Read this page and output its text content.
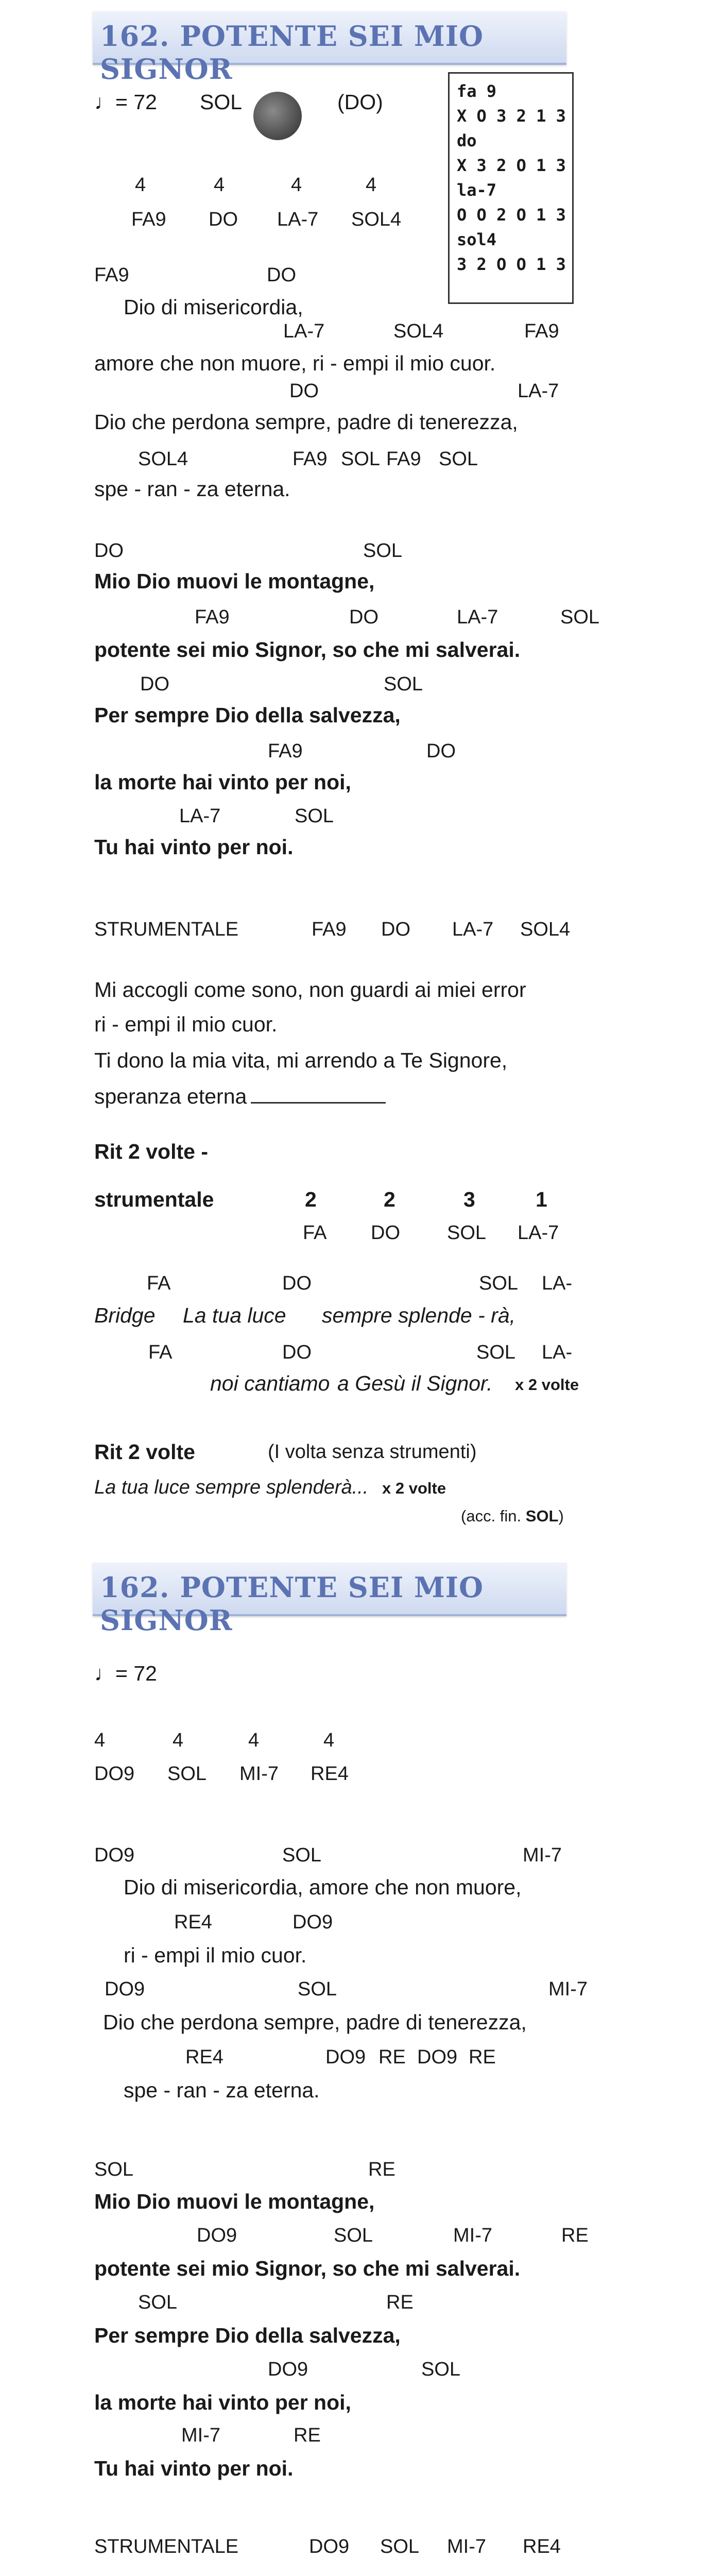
162. POTENTE SEI MIO SIGNOR
♩= 72 SOL	(DO)	fa 9
X O 3 2 1 3
do
X 3 2 O 1 3
la-7
O O 2 O 1 3
sol4
3 2 O O 1 3
4	4	4	4
FA9 DO LA-7 SOL4
FA9	DO
Dio di misericordia,
LA-7	SOL4	FA9
amore che non muore, ri - empi il mio cuor.
DO	LA-7
Dio che perdona sempre, padre di tenerezza,
SOL4	FA9 SOL FA9 SOL
spe - ran - za eterna.
DO	SOL
Mio Dio muovi le montagne,
FA9	DO	LA-7	SOL
potente sei mio Signor, so che mi salverai.
DO	SOL
Per sempre Dio della salvezza,
FA9	DO
la morte hai vinto per noi,
LA-7	SOL
Tu hai vinto per noi.
STRUMENTALE	FA9 DO LA-7 SOL4
Mi accogli come sono, non guardi ai miei error
ri - empi il mio cuor.
Ti dono la mia vita, mi arrendo a Te Signore,
speranza eterna
Rit 2 volte -
strumentale	2	2	3	1
FA DO SOL LA-7
FA	DO	SOL LA-
Bridge La tua luce sempre splende - rà,
FA	DO	SOL LA-
noi cantiamo a Gesù il Signor. x 2 volte
Rit 2 volte	(I volta senza strumenti)
La tua luce sempre splenderà... x 2 volte
(acc. fin. SOL)
162. POTENTE SEI MIO SIGNOR
♩= 72
4	4	4	4
DO9 SOL MI-7 RE4
DO9	SOL	MI-7
Dio di misericordia, amore che non muore,
RE4	DO9
ri - empi il mio cuor.
DO9	SOL	MI-7
Dio che perdona sempre, padre di tenerezza,
RE4	DO9 RE DO9 RE
spe - ran - za eterna.
SOL	RE
Mio Dio muovi le montagne,
DO9	SOL	MI-7	RE
potente sei mio Signor, so che mi salverai.
SOL	RE
Per sempre Dio della salvezza,
DO9	SOL
la morte hai vinto per noi,
MI-7	RE
Tu hai vinto per noi.
STRUMENTALE	DO9 SOL MI-7 RE4
